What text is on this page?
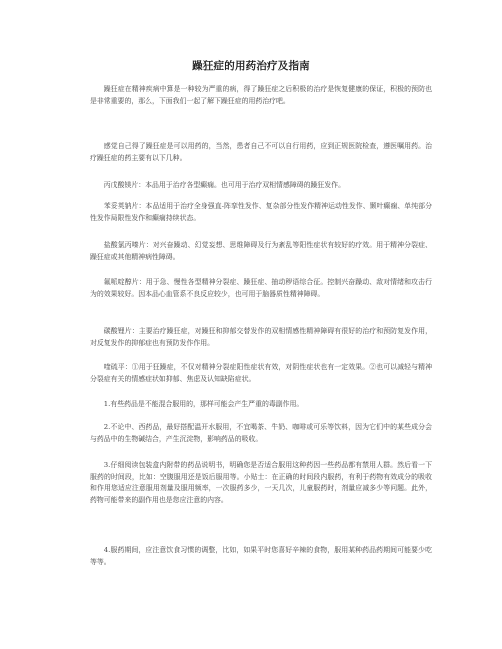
躁狂症的用药治疗及指南

躁狂症在精神疾病中算是一种较为严重的病，得了躁狂症之后积极的治疗是恢复健康的保证，积极的预防也是非常重要的，那么，下面我们一起了解下躁狂症的用药治疗吧。

感觉自己得了躁狂症是可以用药的，当然，患者自己不可以自行用药，应到正规医院检查，遵医嘱用药。治疗躁狂症的药主要有以下几种。

丙戊酸镁片：本品用于治疗各型癫痫。也可用于治疗双相情感障碍的躁狂发作。

苯妥英钠片：本品适用于治疗全身强直-阵挛性发作、复杂部分性发作精神运动性发作、颞叶癫痫、单纯部分性发作局限性发作和癫痫持续状态。

盐酸氯丙嗪片：对兴奋躁动、幻觉妄想、思维障碍及行为紊乱等阳性症状有较好的疗效。用于精神分裂症、躁狂症或其他精神病性障碍。

氟哌啶醇片：用于急、慢性各型精神分裂症、躁狂症、抽动秽语综合征。控制兴奋躁动、敌对情绪和攻击行为的效果较好。因本品心血管系不良反应较少，也可用于脑器质性精神障碍。

碳酸锂片：主要治疗躁狂症，对躁狂和抑郁交替发作的双相情感性精神障碍有很好的治疗和预防复发作用，对反复发作的抑郁症也有预防发作作用。

喹硫平：①用于狂躁症，不仅对精神分裂症阳性症状有效，对阴性症状也有一定效果。②也可以减轻与精神分裂症有关的情感症状如抑郁、焦虑及认知缺陷症状。

1.有些药品是不能混合服用的，那样可能会产生严重的毒副作用。

2.不论中、西药品，最好搭配温开水服用，不宜喝茶、牛奶、咖啡或可乐等饮料，因为它们中的某些成分会与药品中的生物碱结合，产生沉淀物，影响药品的吸收。

3.仔细阅读包装盒内附带的药品说明书，明确您是否适合服用这种药因一些药品都有禁用人群。然后看一下服药的时间段，比如：空腹服用还是饭后服用等。小贴士：在正确的时间段内服药，有利于药物有效成分的吸收和作用您适应注意服用剂量及服用频率，一次服药多少，一天几次，儿童服药时，剂量应减多少等问题。此外，药物可能带来的副作用也是您应注意的内容。

4.服药期间，应注意饮食习惯的调整，比如，如果平时您喜好辛辣的食物，服用某种药品药期间可能要少吃等等。
